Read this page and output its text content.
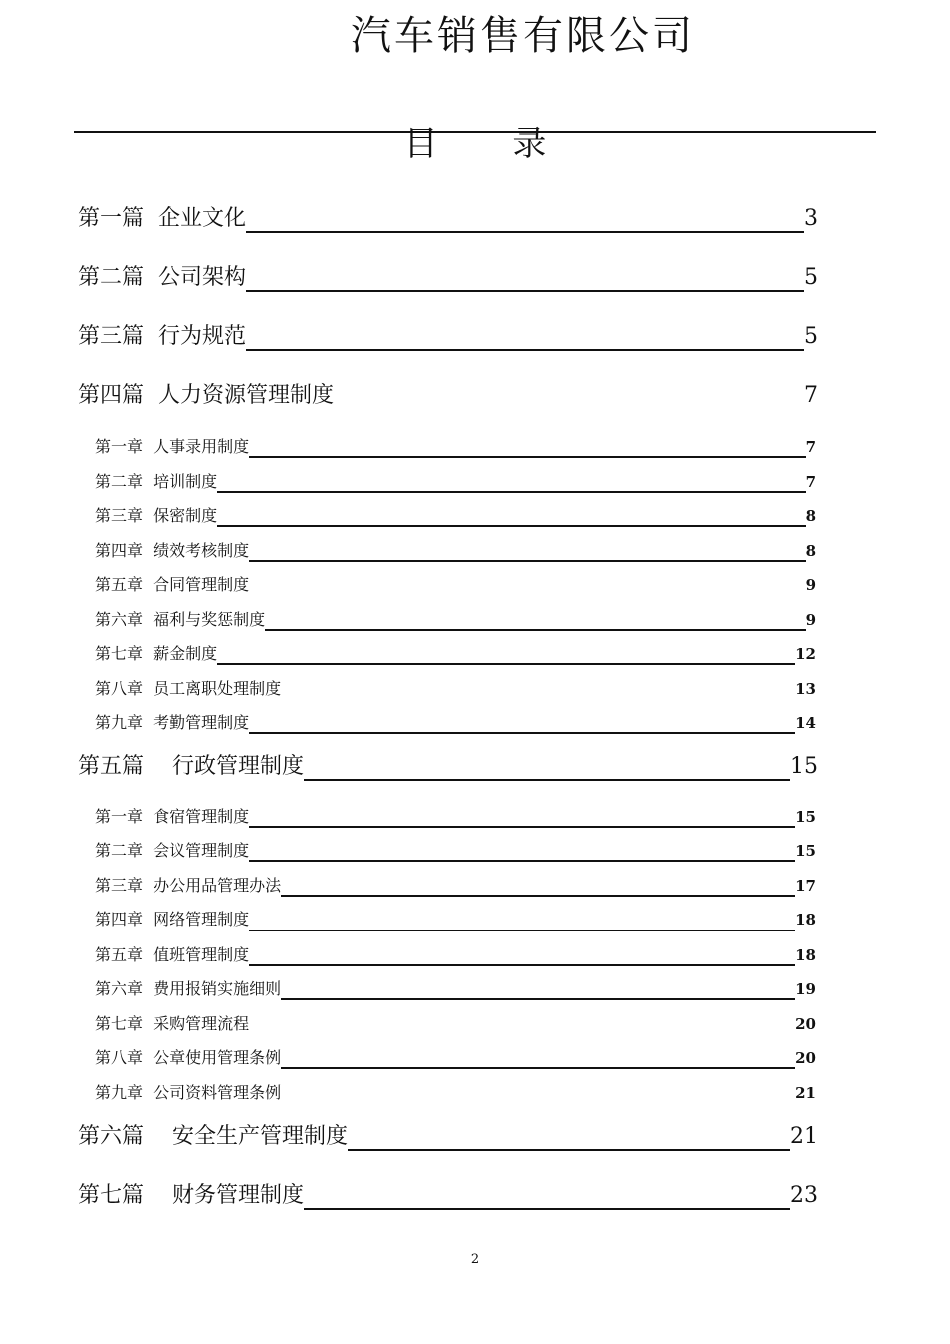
汽车销售有限公司
目 录
第一篇  企业文化	3
第二篇  公司架构	5
第三篇  行为规范	5
第四篇  人力资源管理制度	7
第一章  人事录用制度	7
第二章  培训制度	7
第三章  保密制度	8
第四章  绩效考核制度	8
第五章  合同管理制度	9
第六章  福利与奖惩制度	9
第七章  薪金制度	12
第八章  员工离职处理制度	13
第九章  考勤管理制度	14
第五篇    行政管理制度	15
第一章  食宿管理制度	15
第二章  会议管理制度	15
第三章  办公用品管理办法	17
第四章  网络管理制度	18
第五章  值班管理制度	18
第六章  费用报销实施细则	19
第七章  采购管理流程	20
第八章  公章使用管理条例	20
第九章  公司资料管理条例	21
第六篇    安全生产管理制度	21
第七篇    财务管理制度	23
2
